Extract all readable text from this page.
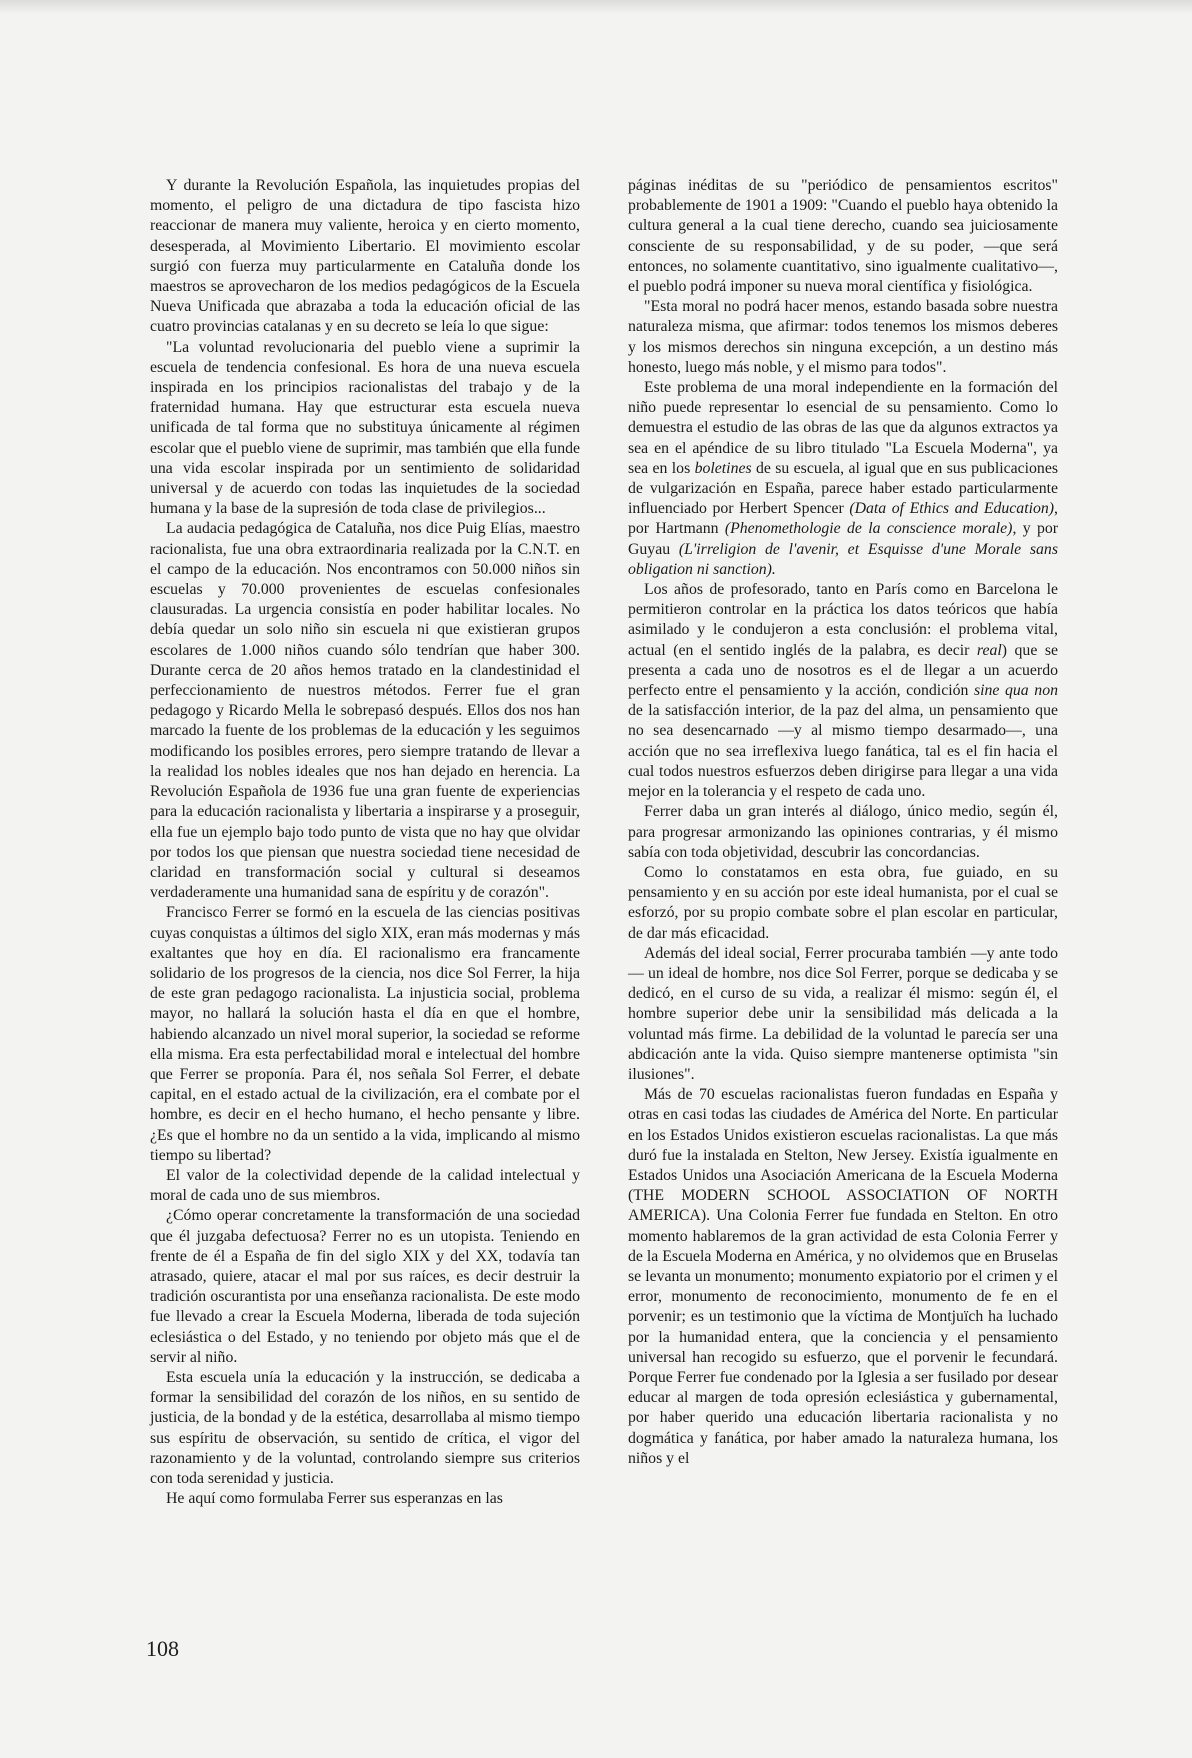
Y durante la Revolución Española, las inquietudes propias del momento, el peligro de una dictadura de tipo fascista hizo reaccionar de manera muy valiente, heroica y en cierto momento, desesperada, al Movimiento Libertario. El movimiento escolar surgió con fuerza muy particularmente en Cataluña donde los maestros se aprovecharon de los medios pedagógicos de la Escuela Nueva Unificada que abrazaba a toda la educación oficial de las cuatro provincias catalanas y en su decreto se leía lo que sigue:

"La voluntad revolucionaria del pueblo viene a suprimir la escuela de tendencia confesional. Es hora de una nueva escuela inspirada en los principios racionalistas del trabajo y de la fraternidad humana. Hay que estructurar esta escuela nueva unificada de tal forma que no substituya únicamente al régimen escolar que el pueblo viene de suprimir, mas también que ella funde una vida escolar inspirada por un sentimiento de solidaridad universal y de acuerdo con todas las inquietudes de la sociedad humana y la base de la supresión de toda clase de privilegios...

La audacia pedagógica de Cataluña, nos dice Puig Elías, maestro racionalista, fue una obra extraordinaria realizada por la C.N.T. en el campo de la educación. Nos encontramos con 50.000 niños sin escuelas y 70.000 provenientes de escuelas confesionales clausuradas. La urgencia consistía en poder habilitar locales. No debía quedar un solo niño sin escuela ni que existieran grupos escolares de 1.000 niños cuando sólo tendrían que haber 300. Durante cerca de 20 años hemos tratado en la clandestinidad el perfeccionamiento de nuestros métodos. Ferrer fue el gran pedagogo y Ricardo Mella le sobrepasó después. Ellos dos nos han marcado la fuente de los problemas de la educación y les seguimos modificando los posibles errores, pero siempre tratando de llevar a la realidad los nobles ideales que nos han dejado en herencia. La Revolución Española de 1936 fue una gran fuente de experiencias para la educación racionalista y libertaria a inspirarse y a proseguir, ella fue un ejemplo bajo todo punto de vista que no hay que olvidar por todos los que piensan que nuestra sociedad tiene necesidad de claridad en transformación social y cultural si deseamos verdaderamente una humanidad sana de espíritu y de corazón".

Francisco Ferrer se formó en la escuela de las ciencias positivas cuyas conquistas a últimos del siglo XIX, eran más modernas y más exaltantes que hoy en día. El racionalismo era francamente solidario de los progresos de la ciencia, nos dice Sol Ferrer, la hija de este gran pedagogo racionalista. La injusticia social, problema mayor, no hallará la solución hasta el día en que el hombre, habiendo alcanzado un nivel moral superior, la sociedad se reforme ella misma. Era esta perfectabilidad moral e intelectual del hombre que Ferrer se proponía. Para él, nos señala Sol Ferrer, el debate capital, en el estado actual de la civilización, era el combate por el hombre, es decir en el hecho humano, el hecho pensante y libre. ¿Es que el hombre no da un sentido a la vida, implicando al mismo tiempo su libertad?

El valor de la colectividad depende de la calidad intelectual y moral de cada uno de sus miembros.

¿Cómo operar concretamente la transformación de una sociedad que él juzgaba defectuosa? Ferrer no es un utopista. Teniendo en frente de él a España de fin del siglo XIX y del XX, todavía tan atrasado, quiere, atacar el mal por sus raíces, es decir destruir la tradición oscurantista por una enseñanza racionalista. De este modo fue llevado a crear la Escuela Moderna, liberada de toda sujeción eclesiástica o del Estado, y no teniendo por objeto más que el de servir al niño.

Esta escuela unía la educación y la instrucción, se dedicaba a formar la sensibilidad del corazón de los niños, en su sentido de justicia, de la bondad y de la estética, desarrollaba al mismo tiempo sus espíritu de observación, su sentido de crítica, el vigor del razonamiento y de la voluntad, controlando siempre sus criterios con toda serenidad y justicia.

He aquí como formulaba Ferrer sus esperanzas en las

páginas inéditas de su "periódico de pensamientos escritos" probablemente de 1901 a 1909: "Cuando el pueblo haya obtenido la cultura general a la cual tiene derecho, cuando sea juiciosamente consciente de su responsabilidad, y de su poder, —que será entonces, no solamente cuantitativo, sino igualmente cualitativo—, el pueblo podrá imponer su nueva moral científica y fisiológica.

"Esta moral no podrá hacer menos, estando basada sobre nuestra naturaleza misma, que afirmar: todos tenemos los mismos deberes y los mismos derechos sin ninguna excepción, a un destino más honesto, luego más noble, y el mismo para todos".

Este problema de una moral independiente en la formación del niño puede representar lo esencial de su pensamiento. Como lo demuestra el estudio de las obras de las que da algunos extractos ya sea en el apéndice de su libro titulado "La Escuela Moderna", ya sea en los boletines de su escuela, al igual que en sus publicaciones de vulgarización en España, parece haber estado particularmente influenciado por Herbert Spencer (Data of Ethics and Education), por Hartmann (Phenomethologie de la conscience morale), y por Guyau (L'irreligion de l'avenir, et Esquisse d'une Morale sans obligation ni sanction).

Los años de profesorado, tanto en París como en Barcelona le permitieron controlar en la práctica los datos teóricos que había asimilado y le condujeron a esta conclusión: el problema vital, actual (en el sentido inglés de la palabra, es decir real) que se presenta a cada uno de nosotros es el de llegar a un acuerdo perfecto entre el pensamiento y la acción, condición sine qua non de la satisfacción interior, de la paz del alma, un pensamiento que no sea desencarnado —y al mismo tiempo desarmado—, una acción que no sea irreflexiva luego fanática, tal es el fin hacia el cual todos nuestros esfuerzos deben dirigirse para llegar a una vida mejor en la tolerancia y el respeto de cada uno.

Ferrer daba un gran interés al diálogo, único medio, según él, para progresar armonizando las opiniones contrarias, y él mismo sabía con toda objetividad, descubrir las concordancias.

Como lo constatamos en esta obra, fue guiado, en su pensamiento y en su acción por este ideal humanista, por el cual se esforzó, por su propio combate sobre el plan escolar en particular, de dar más eficacidad.

Además del ideal social, Ferrer procuraba también —y ante todo— un ideal de hombre, nos dice Sol Ferrer, porque se dedicaba y se dedicó, en el curso de su vida, a realizar él mismo: según él, el hombre superior debe unir la sensibilidad más delicada a la voluntad más firme. La debilidad de la voluntad le parecía ser una abdicación ante la vida. Quiso siempre mantenerse optimista "sin ilusiones".

Más de 70 escuelas racionalistas fueron fundadas en España y otras en casi todas las ciudades de América del Norte. En particular en los Estados Unidos existieron escuelas racionalistas. La que más duró fue la instalada en Stelton, New Jersey. Existía igualmente en Estados Unidos una Asociación Americana de la Escuela Moderna (THE MODERN SCHOOL ASSOCIATION OF NORTH AMERICA). Una Colonia Ferrer fue fundada en Stelton. En otro momento hablaremos de la gran actividad de esta Colonia Ferrer y de la Escuela Moderna en América, y no olvidemos que en Bruselas se levanta un monumento; monumento expiatorio por el crimen y el error, monumento de reconocimiento, monumento de fe en el porvenir; es un testimonio que la víctima de Montjuïch ha luchado por la humanidad entera, que la conciencia y el pensamiento universal han recogido su esfuerzo, que el porvenir le fecundará. Porque Ferrer fue condenado por la Iglesia a ser fusilado por desear educar al margen de toda opresión eclesiástica y gubernamental, por haber querido una educación libertaria racionalista y no dogmática y fanática, por haber amado la naturaleza humana, los niños y el

108
